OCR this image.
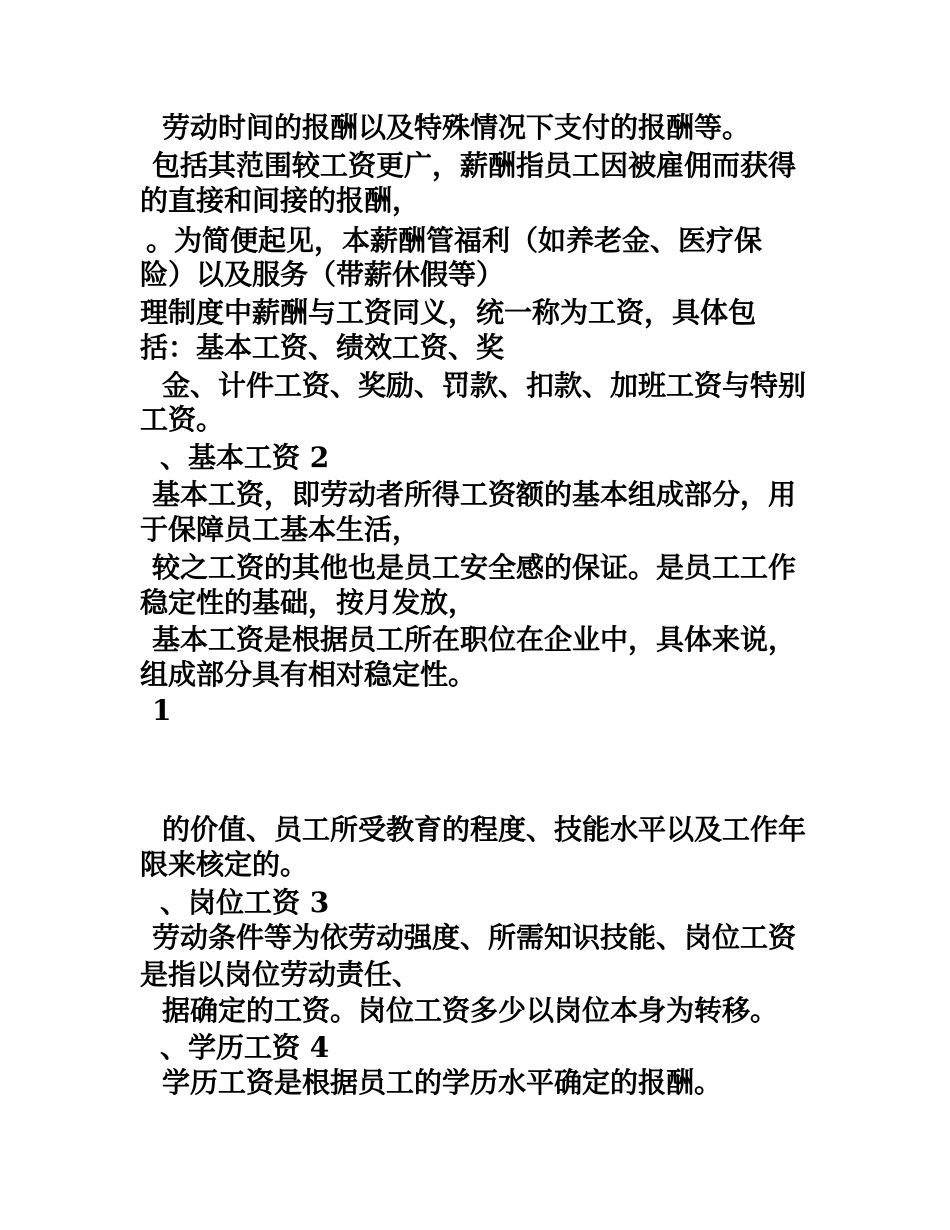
劳动时间的报酬以及特殊情况下支付的报酬等。
包括其范围较工资更广，薪酬指员工因被雇佣而获得
的直接和间接的报酬，
。为简便起见，本薪酬管福利（如养老金、医疗保
险）以及服务（带薪休假等）
理制度中薪酬与工资同义，统一称为工资，具体包
括：基本工资、绩效工资、奖
金、计件工资、奖励、罚款、扣款、加班工资与特别
工资。
、基本工资 2
基本工资，即劳动者所得工资额的基本组成部分，用
于保障员工基本生活，
较之工资的其他也是员工安全感的保证。是员工工作
稳定性的基础，按月发放，
基本工资是根据员工所在职位在企业中，具体来说，
组成部分具有相对稳定性。
1
的价值、员工所受教育的程度、技能水平以及工作年
限来核定的。
、岗位工资 3
劳动条件等为依劳动强度、所需知识技能、岗位工资
是指以岗位劳动责任、
据确定的工资。岗位工资多少以岗位本身为转移。
、学历工资 4
学历工资是根据员工的学历水平确定的报酬。
